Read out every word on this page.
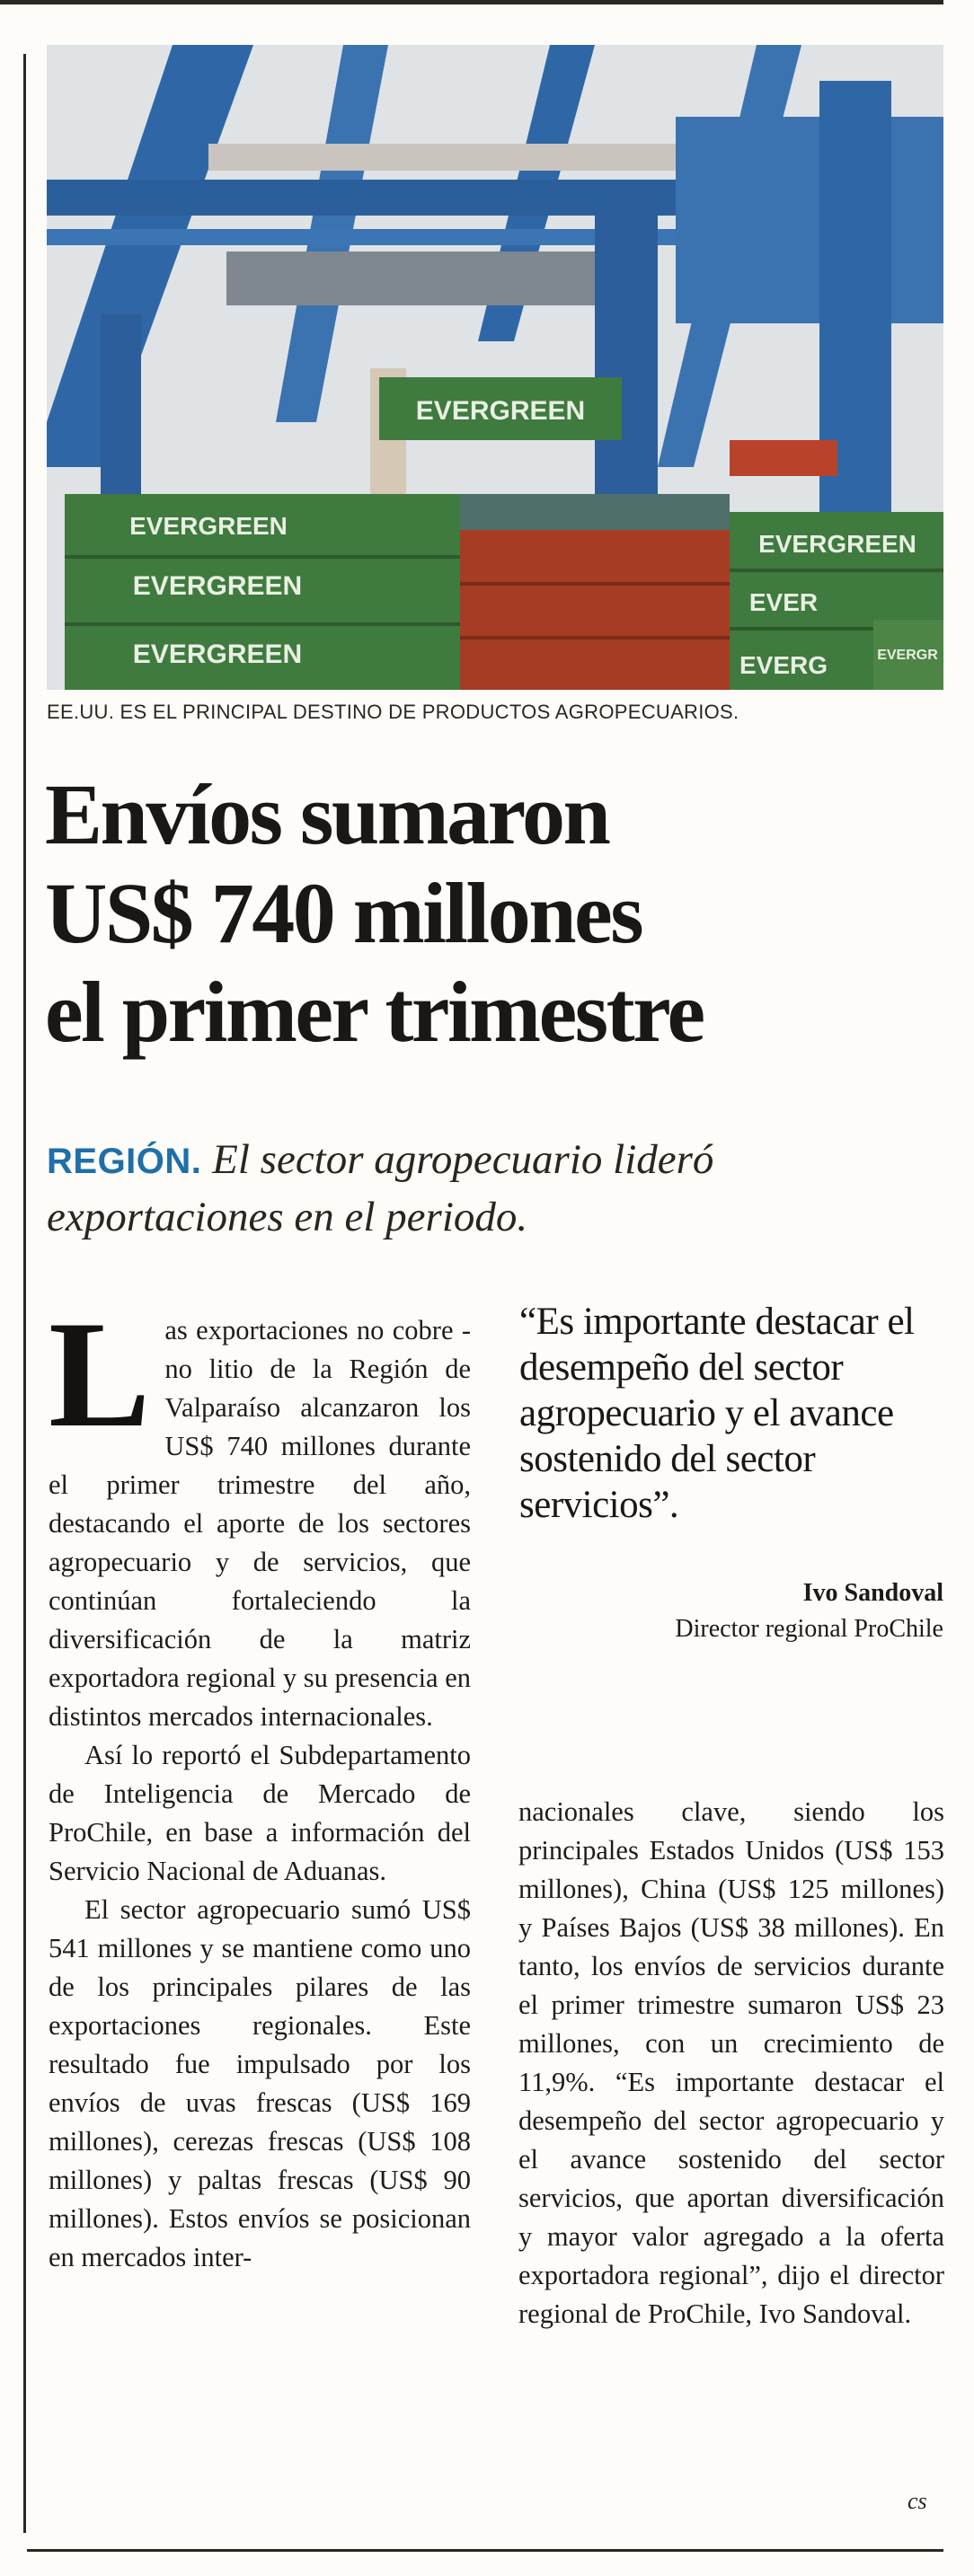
EVERGREEN
EVERGREEN
EVERGREEN
EVERGREEN
EVERGREEN
EVER
EVERG	EVERGR
EE.UU. ES EL PRINCIPAL DESTINO DE PRODUCTOS AGROPECUARIOS.
Envíos sumaron
US$ 740 millones
el primer trimestre
REGIÓN. El sector agropecuario lideró
exportaciones en el periodo.

Las exportaciones no cobre -no litio de la Región de Valparaíso alcanzaron los US$ 740 millones durante el primer trimestre del año, destacando el aporte de los sectores agropecuario y de servicios, que continúan fortaleciendo la diversificación de la matriz exportadora regional y su presencia en distintos mercados internacionales.

Así lo reportó el Subdepartamento de Inteligencia de Mercado de ProChile, en base a información del Servicio Nacional de Aduanas.

El sector agropecuario sumó US$ 541 millones y se mantiene como uno de los principales pilares de las exportaciones regionales. Este resultado fue impulsado por los envíos de uvas frescas (US$ 169 millones), cerezas frescas (US$ 108 millones) y paltas frescas (US$ 90 millones). Estos envíos se posicionan en mercados inter-

“Es importante destacar el desempeño del sector agropecuario y el avance sostenido del sector servicios”.

Ivo Sandoval
Director regional ProChile

nacionales clave, siendo los principales Estados Unidos (US$ 153 millones), China (US$ 125 millones) y Países Bajos (US$ 38 millones). En tanto, los envíos de servicios durante el primer trimestre sumaron US$ 23 millones, con un crecimiento de 11,9%. “Es importante destacar el desempeño del sector agropecuario y el avance sostenido del sector servicios, que aportan diversificación y mayor valor agregado a la oferta exportadora regional”, dijo el director regional de ProChile, Ivo Sandoval.

cs
